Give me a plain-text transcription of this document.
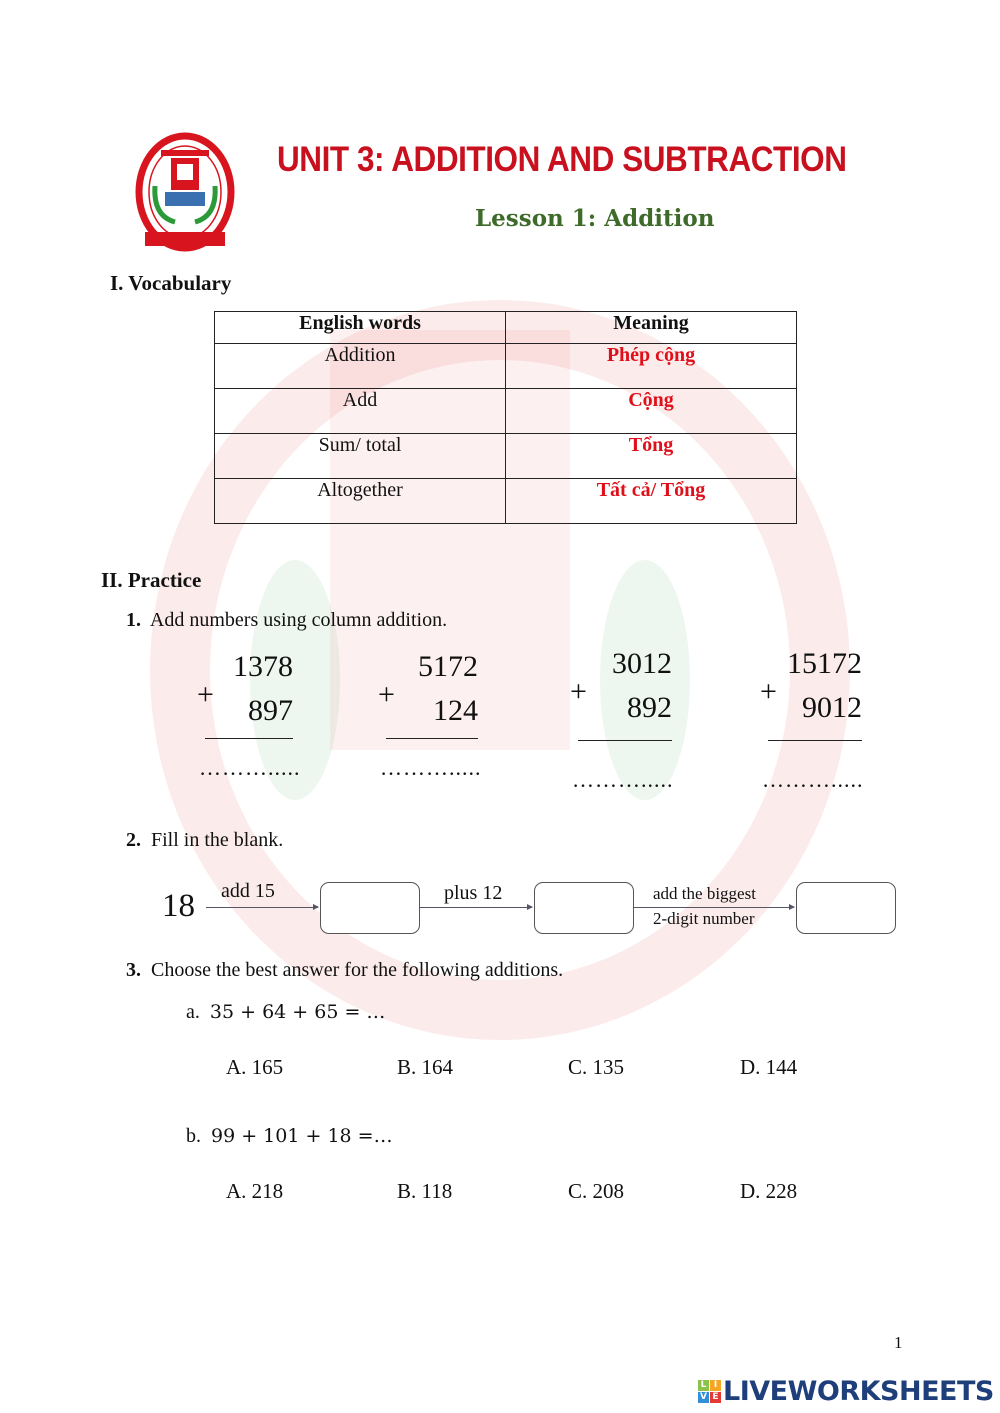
UNIT 3: ADDITION AND SUBTRACTION
Lesson 1: Addition
I. Vocabulary
English words	Meaning
Addition	Phép cộng
Add	Cộng
Sum/ total	Tổng
Altogether	Tất cả/ Tổng
II. Practice
1. Add numbers using column addition.
1378
+ 897
……….....
5172
+ 124
……….....
3012
+ 892
……….....
15172
+ 9012
……….....
2. Fill in the blank.
18 add 15	plus 12	add the biggest
2-digit number
3. Choose the best answer for the following additions.
a. 35 + 64 + 65 = …
A. 165	B. 164	C. 135	D. 144
b. 99 + 101 + 18 =…
A. 218	B. 118	C. 208	D. 228
1
L I
V E LIVEWORKSHEETS
